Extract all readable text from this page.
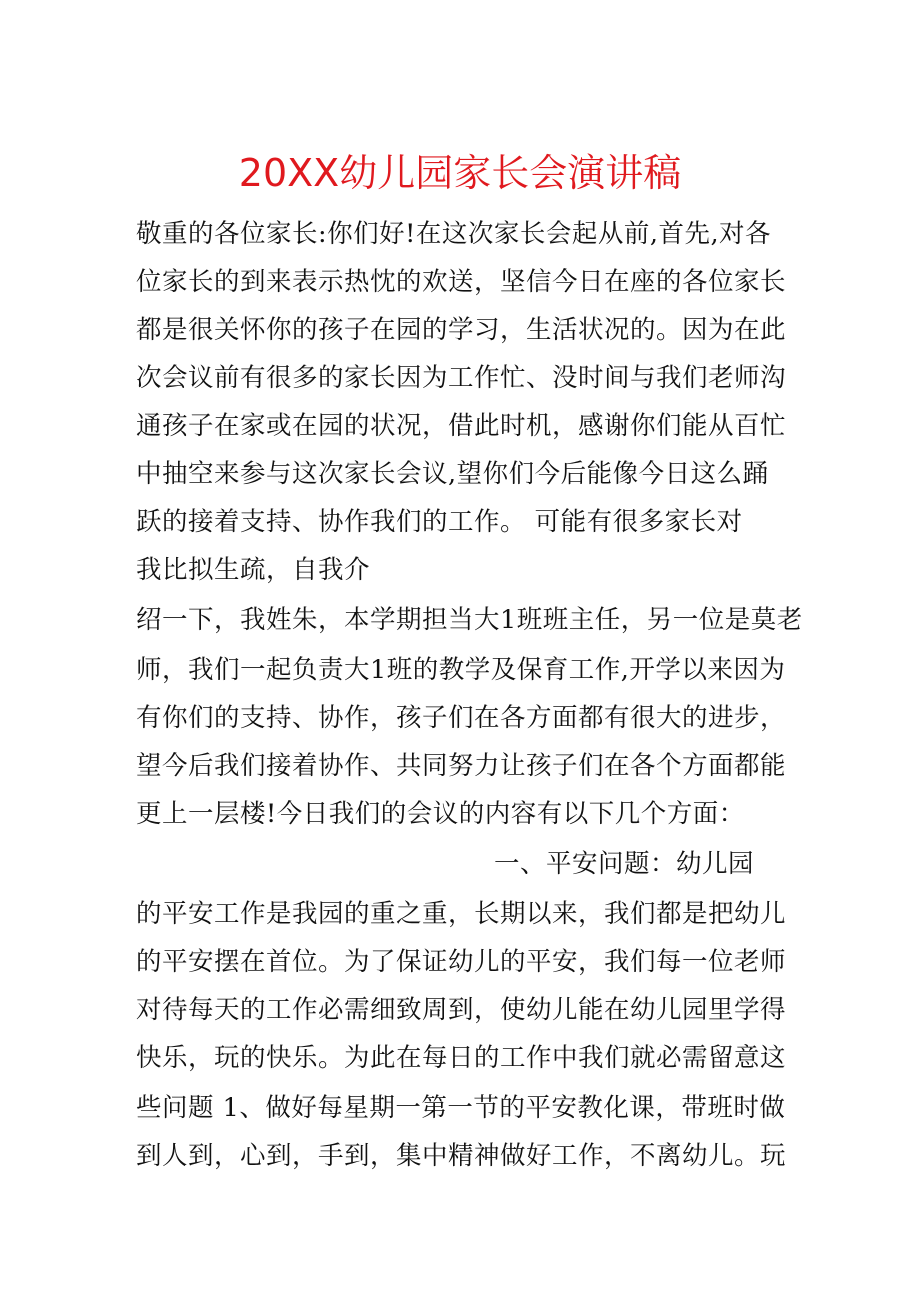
20XX幼儿园家长会演讲稿
敬重的各位家长:你们好!在这次家长会起从前,首先,对各
位家长的到来表示热忱的欢送，坚信今日在座的各位家长
都是很关怀你的孩子在园的学习，生活状况的。因为在此
次会议前有很多的家长因为工作忙、没时间与我们老师沟
通孩子在家或在园的状况，借此时机，感谢你们能从百忙
中抽空来参与这次家长会议,望你们今后能像今日这么踊
跃的接着支持、协作我们的工作。 可能有很多家长对
我比拟生疏，自我介
绍一下，我姓朱，本学期担当大1班班主任，另一位是莫老
师，我们一起负责大1班的教学及保育工作,开学以来因为
有你们的支持、协作，孩子们在各方面都有很大的进步，
望今后我们接着协作、共同努力让孩子们在各个方面都能
更上一层楼!今日我们的会议的内容有以下几个方面：
一、平安问题：幼儿园
的平安工作是我园的重之重，长期以来，我们都是把幼儿
的平安摆在首位。为了保证幼儿的平安，我们每一位老师
对待每天的工作必需细致周到，使幼儿能在幼儿园里学得
快乐，玩的快乐。为此在每日的工作中我们就必需留意这
些问题 1、做好每星期一第一节的平安教化课，带班时做
到人到，心到，手到，集中精神做好工作，不离幼儿。玩
